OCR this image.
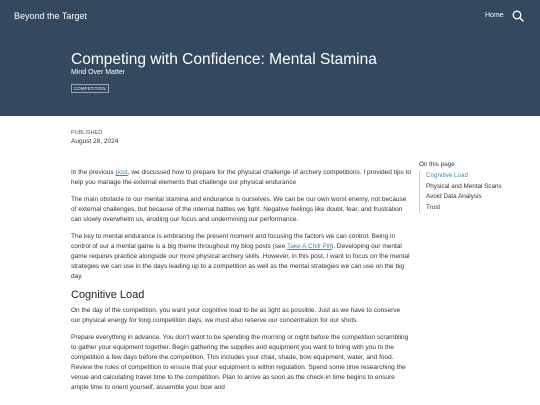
Beyond the Target	Home
Competing with Confidence: Mental Stamina
Mind Over Matter
COMPETITION
PUBLISHED
August 28, 2024

In the previous post, we discussed how to prepare for the physical challenge of archery competitions. I provided tips to help you manage the external elements that challenge our physical endurance

The main obstacle to our mental stamina and endurance is ourselves. We can be our own worst enemy, not because of external challenges, but because of the internal battles we fight. Negative feelings like doubt, fear, and frustration can slowly overwhelm us, eroding our focus and undermining our performance.

The key to mental endurance is embracing the present moment and focusing the factors we can control. Being in control of our a mental game is a big theme throughout my blog posts (see Take A Chill Pill). Developing our mental game requires practice alongside our more physical archery skills. However, in this post, I want to focus on the mental strategies we can use in the days leading up to a competition as well as the mental strategies we can use on the big day.

Cognitive Load

On the day of the competition, you want your cognitive load to be as light as possible. Just as we have to conserve our physical energy for long competition days, we must also reserve our concentration for our shots.

Prepare everything in advance. You don't want to be spending the morning or night before the competition scrambling to gather your equipment together. Begin gathering the supplies and equipment you want to bring with you to the competition a few days before the competition. This includes your chair, shade, bow equipment, water, and food. Review the rules of competition to ensure that your equipment is within regulation. Spend some time researching the venue and calculating travel time to the competition. Plan to arrive as soon as the check-in time begins to ensure ample time to orient yourself, assemble your bow and

On this page
Cognitive Load
Physical and Mental Scans
Avoid Data Analysis
Trust
